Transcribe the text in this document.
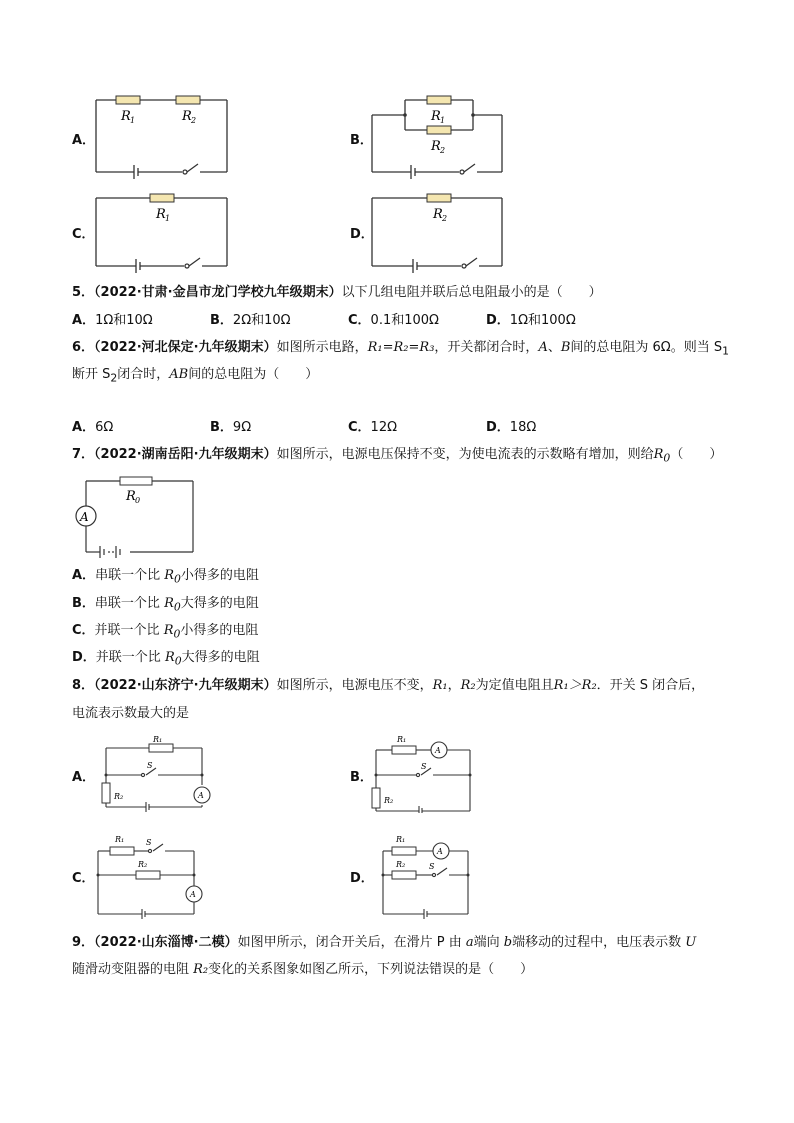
A．
R 1	R 2
B．
R 1
R 2
C．
R 1
D．
R 2
5．（2022·甘肃·金昌市龙门学校九年级期末）以下几组电阻并联后总电阻最小的是（　　）
A．1Ω和10Ω	B．2Ω和10Ω	C．0.1和100Ω	D．1Ω和100Ω
6．（2022·河北保定·九年级期末）如图所示电路，R₁=R₂=R₃，开关都闭合时，A、B间的总电阻为 6Ω。则当 $S_1$
断开 $S_2$闭合时，AB间的总电阻为（　　）
A．6Ω	B．9Ω	C．12Ω	D．18Ω
7．（2022·湖南岳阳·九年级期末）如图所示，电源电压保持不变，为使电流表的示数略有增加，则给$R_0$（　　）
A
R 0
A．串联一个比 $R_0$小得多的电阻
B．串联一个比 $R_0$大得多的电阻
C．并联一个比 $R_0$小得多的电阻
D．并联一个比 $R_0$大得多的电阻
8．（2022·山东济宁·九年级期末）如图所示，电源电压不变，R₁，R₂为定值电阻且R₁＞R₂．开关 S 闭合后，
电流表示数最大的是
A．
R₁
R₂
S
A
B．
R₁
R₂
S
A
C．
R₁
R₂
S
A
D．
R₁
R₂	S
A
9．（2022·山东淄博·二模）如图甲所示，闭合开关后，在滑片 P 由 a端向 b端移动的过程中，电压表示数 U
随滑动变阻器的电阻 R₂变化的关系图象如图乙所示，下列说法错误的是（　　）
